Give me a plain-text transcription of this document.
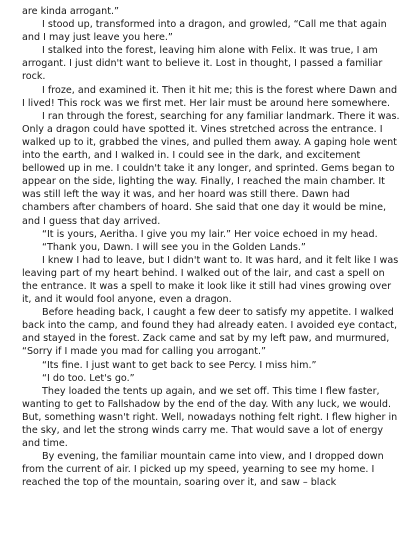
are kinda arrogant.”

I stood up, transformed into a dragon, and growled, “Call me that again and I may just leave you here.”

I stalked into the forest, leaving him alone with Felix. It was true, I am arrogant. I just didn't want to believe it. Lost in thought, I passed a familiar rock.

I froze, and examined it. Then it hit me; this is the forest where Dawn and I lived! This rock was we first met. Her lair must be around here somewhere.

I ran through the forest, searching for any familiar landmark. There it was. Only a dragon could have spotted it. Vines stretched across the entrance. I walked up to it, grabbed the vines, and pulled them away. A gaping hole went into the earth, and I walked in. I could see in the dark, and excitement bellowed up in me. I couldn't take it any longer, and sprinted. Gems began to appear on the side, lighting the way. Finally, I reached the main chamber. It was still left the way it was, and her hoard was still there. Dawn had chambers after chambers of hoard. She said that one day it would be mine, and I guess that day arrived.

“It is yours, Aeritha. I give you my lair.” Her voice echoed in my head.

“Thank you, Dawn. I will see you in the Golden Lands.”

I knew I had to leave, but I didn't want to. It was hard, and it felt like I was leaving part of my heart behind. I walked out of the lair, and cast a spell on the entrance. It was a spell to make it look like it still had vines growing over it, and it would fool anyone, even a dragon.

Before heading back, I caught a few deer to satisfy my appetite. I walked back into the camp, and found they had already eaten. I avoided eye contact, and stayed in the forest. Zack came and sat by my left paw, and murmured, “Sorry if I made you mad for calling you arrogant.”

“Its fine. I just want to get back to see Percy. I miss him.”

“I do too. Let's go.”

They loaded the tents up again, and we set off. This time I flew faster, wanting to get to Fallshadow by the end of the day. With any luck, we would. But, something wasn't right. Well, nowadays nothing felt right. I flew higher in the sky, and let the strong winds carry me. That would save a lot of energy and time.

By evening, the familiar mountain came into view, and I dropped down from the current of air. I picked up my speed, yearning to see my home. I reached the top of the mountain, soaring over it, and saw – black
